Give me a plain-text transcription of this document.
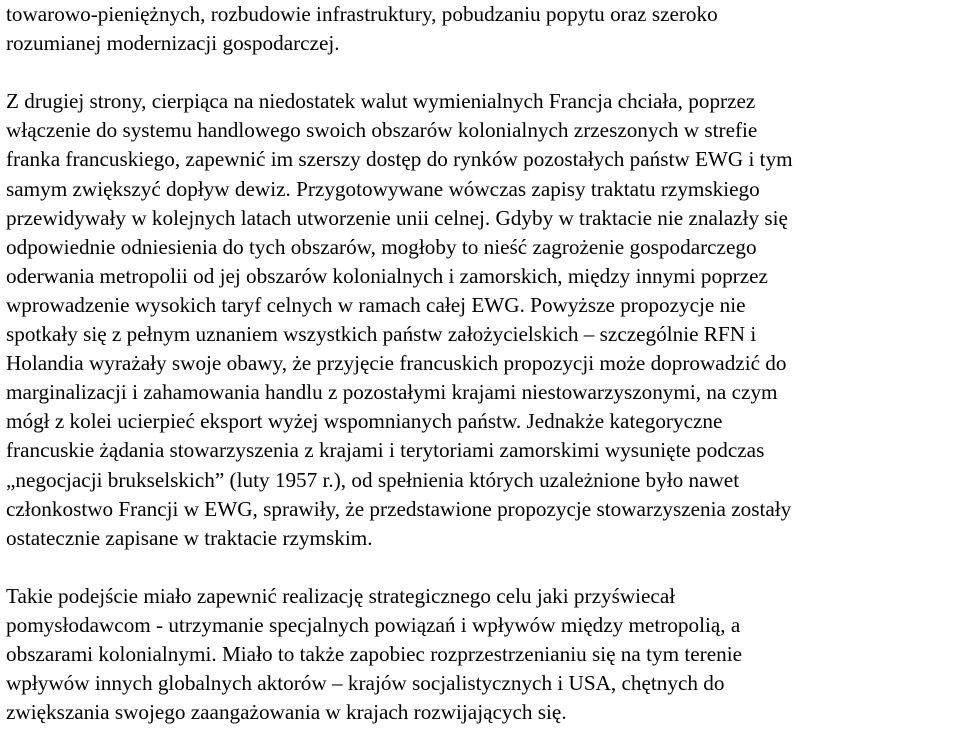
towarowo-pieniężnych, rozbudowie infrastruktury, pobudzaniu popytu oraz szeroko
rozumianej modernizacji gospodarczej.

Z drugiej strony, cierpiąca na niedostatek walut wymienialnych Francja chciała, poprzez
włączenie do systemu handlowego swoich obszarów kolonialnych zrzeszonych w strefie
franka francuskiego, zapewnić im szerszy dostęp do rynków pozostałych państw EWG i tym
samym zwiększyć dopływ dewiz. Przygotowywane wówczas zapisy traktatu rzymskiego
przewidywały w kolejnych latach utworzenie unii celnej. Gdyby w traktacie nie znalazły się
odpowiednie odniesienia do tych obszarów, mogłoby to nieść zagrożenie gospodarczego
oderwania metropolii od jej obszarów kolonialnych i zamorskich, między innymi poprzez
wprowadzenie wysokich taryf celnych w ramach całej EWG. Powyższe propozycje nie
spotkały się z pełnym uznaniem wszystkich państw założycielskich – szczególnie RFN i
Holandia wyrażały swoje obawy, że przyjęcie francuskich propozycji może doprowadzić do
marginalizacji i zahamowania handlu z pozostałymi krajami niestowarzyszonymi, na czym
mógł z kolei ucierpieć eksport wyżej wspomnianych państw. Jednakże kategoryczne
francuskie żądania stowarzyszenia z krajami i terytoriami zamorskimi wysunięte podczas
„negocjacji brukselskich” (luty 1957 r.), od spełnienia których uzależnione było nawet
członkostwo Francji w EWG, sprawiły, że przedstawione propozycje stowarzyszenia zostały
ostatecznie zapisane w traktacie rzymskim.

Takie podejście miało zapewnić realizację strategicznego celu jaki przyświecał
pomysłodawcom - utrzymanie specjalnych powiązań i wpływów między metropolią, a
obszarami kolonialnymi. Miało to także zapobiec rozprzestrzenianiu się na tym terenie
wpływów innych globalnych aktorów – krajów socjalistycznych i USA, chętnych do
zwiększania swojego zaangażowania w krajach rozwijających się.
